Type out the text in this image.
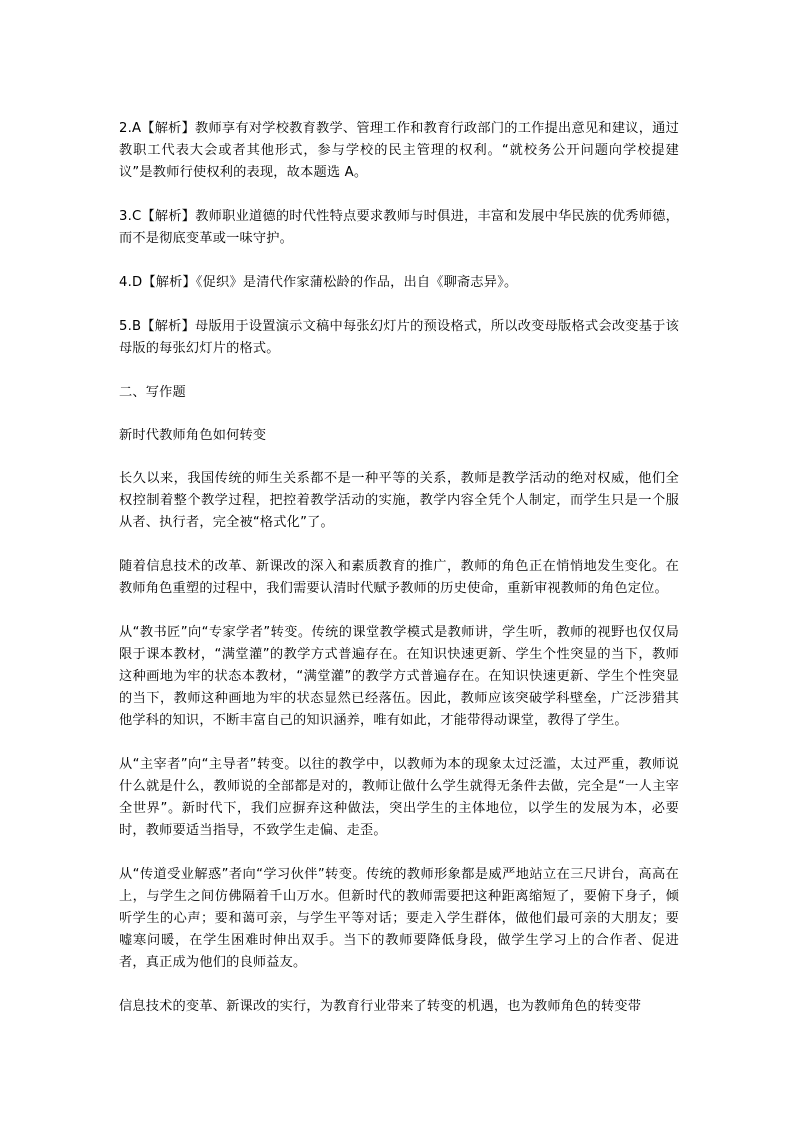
2.A【解析】教师享有对学校教育教学、管理工作和教育行政部门的工作提出意见和建议，通过教职工代表大会或者其他形式，参与学校的民主管理的权利。“就校务公开问题向学校提建议”是教师行使权利的表现，故本题选 A。

3.C【解析】教师职业道德的时代性特点要求教师与时俱进，丰富和发展中华民族的优秀师德，而不是彻底变革或一味守护。

4.D【解析】《促织》是清代作家蒲松龄的作品，出自《聊斋志异》。

5.B【解析】母版用于设置演示文稿中每张幻灯片的预设格式，所以改变母版格式会改变基于该母版的每张幻灯片的格式。

二、写作题

新时代教师角色如何转变

长久以来，我国传统的师生关系都不是一种平等的关系，教师是教学活动的绝对权威，他们全权控制着整个教学过程，把控着教学活动的实施，教学内容全凭个人制定，而学生只是一个服从者、执行者，完全被“格式化”了。

随着信息技术的改革、新课改的深入和素质教育的推广，教师的角色正在悄悄地发生变化。在教师角色重塑的过程中，我们需要认清时代赋予教师的历史使命，重新审视教师的角色定位。

从“教书匠”向“专家学者”转变。传统的课堂教学模式是教师讲，学生听，教师的视野也仅仅局限于课本教材，“满堂灌”的教学方式普遍存在。在知识快速更新、学生个性突显的当下，教师这种画地为牢的状态本教材，“满堂灌”的教学方式普遍存在。在知识快速更新、学生个性突显的当下，教师这种画地为牢的状态显然已经落伍。因此，教师应该突破学科壁垒，广泛涉猎其他学科的知识，不断丰富自己的知识涵养，唯有如此，才能带得动课堂，教得了学生。

从“主宰者”向“主导者”转变。以往的教学中，以教师为本的现象太过泛滥，太过严重，教师说什么就是什么，教师说的全部都是对的，教师让做什么学生就得无条件去做，完全是“一人主宰全世界”。新时代下，我们应摒弃这种做法，突出学生的主体地位，以学生的发展为本，必要时，教师要适当指导，不致学生走偏、走歪。

从“传道受业解惑”者向“学习伙伴”转变。传统的教师形象都是威严地站立在三尺讲台，高高在上，与学生之间仿佛隔着千山万水。但新时代的教师需要把这种距离缩短了，要俯下身子，倾听学生的心声；要和蔼可亲，与学生平等对话；要走入学生群体，做他们最可亲的大朋友；要嘘寒问暖，在学生困难时伸出双手。当下的教师要降低身段，做学生学习上的合作者、促进者，真正成为他们的良师益友。

信息技术的变革、新课改的实行，为教育行业带来了转变的机遇，也为教师角色的转变带
